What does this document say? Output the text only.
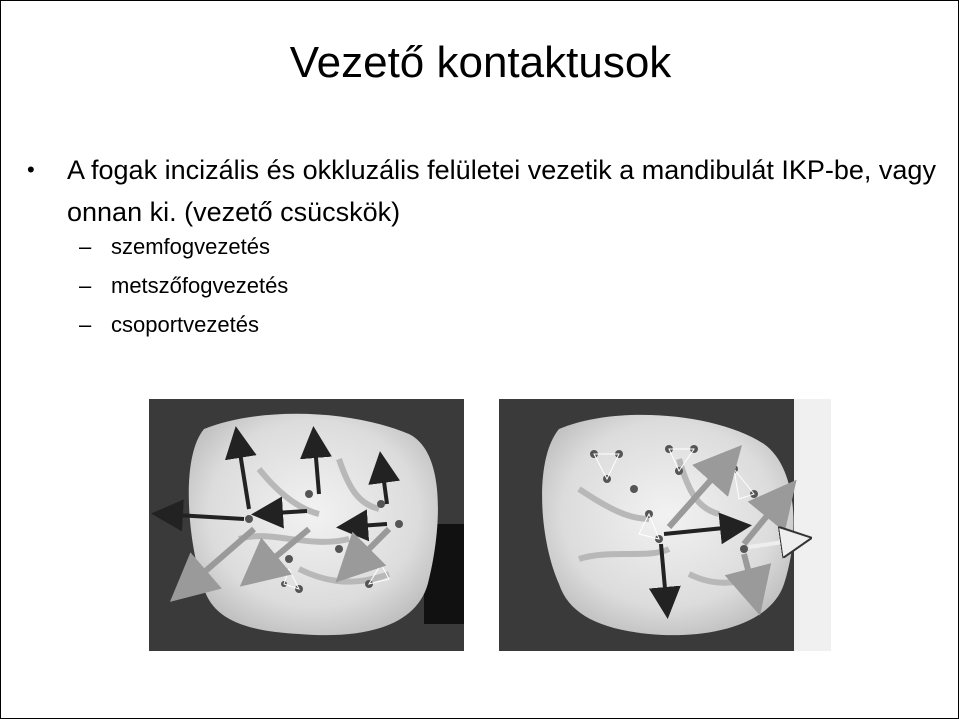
Vezető kontaktusok
• A fogak incizális és okkluzális felületei vezetik a mandibulát IKP-be, vagy onnan ki. (vezető csücskök)
– szemfogvezetés
– metszőfogvezetés
– csoportvezetés
